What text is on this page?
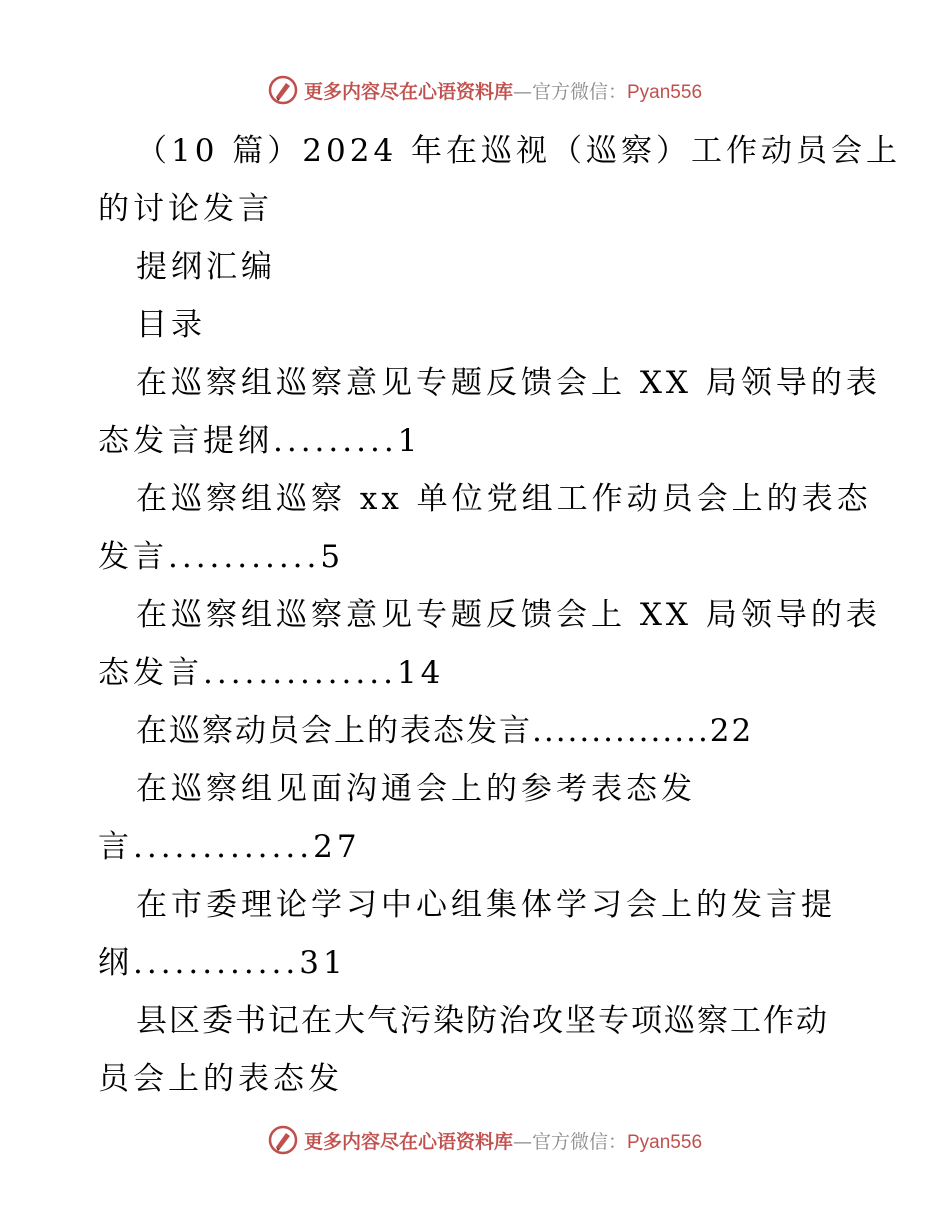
更多内容尽在心语资料库—官方微信：Pyan556
（10 篇）2024 年在巡视（巡察）工作动员会上
的讨论发言
提纲汇编
目录
在巡察组巡察意见专题反馈会上 XX 局领导的表
态发言提纲.........1
在巡察组巡察 xx 单位党组工作动员会上的表态
发言...........5
在巡察组巡察意见专题反馈会上 XX 局领导的表
态发言..............14
在巡察动员会上的表态发言...............22
在巡察组见面沟通会上的参考表态发
言.............27
在市委理论学习中心组集体学习会上的发言提
纲............31
县区委书记在大气污染防治攻坚专项巡察工作动
员会上的表态发
更多内容尽在心语资料库—官方微信：Pyan556
